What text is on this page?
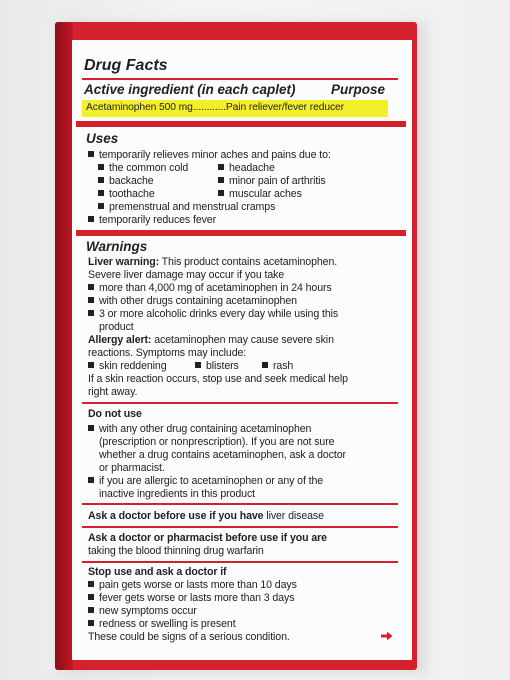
Drug Facts
Active ingredient (in each caplet)	Purpose
Acetaminophen 500 mg............Pain reliever/fever reducer
Uses
temporarily relieves minor aches and pains due to:
the common cold	headache
backache	minor pain of arthritis
toothache	muscular aches
premenstrual and menstrual cramps
temporarily reduces fever
Warnings
Liver warning: This product contains acetaminophen.
Severe liver damage may occur if you take
more than 4,000 mg of acetaminophen in 24 hours
with other drugs containing acetaminophen
3 or more alcoholic drinks every day while using this
product
Allergy alert: acetaminophen may cause severe skin
reactions. Symptoms may include:
skin reddening	blisters	rash
If a skin reaction occurs, stop use and seek medical help
right away.
Do not use
with any other drug containing acetaminophen
(prescription or nonprescription). If you are not sure
whether a drug contains acetaminophen, ask a doctor
or pharmacist.
if you are allergic to acetaminophen or any of the
inactive ingredients in this product
Ask a doctor before use if you have liver disease
Ask a doctor or pharmacist before use if you are
taking the blood thinning drug warfarin
Stop use and ask a doctor if
pain gets worse or lasts more than 10 days
fever gets worse or lasts more than 3 days
new symptoms occur
redness or swelling is present
These could be signs of a serious condition.
